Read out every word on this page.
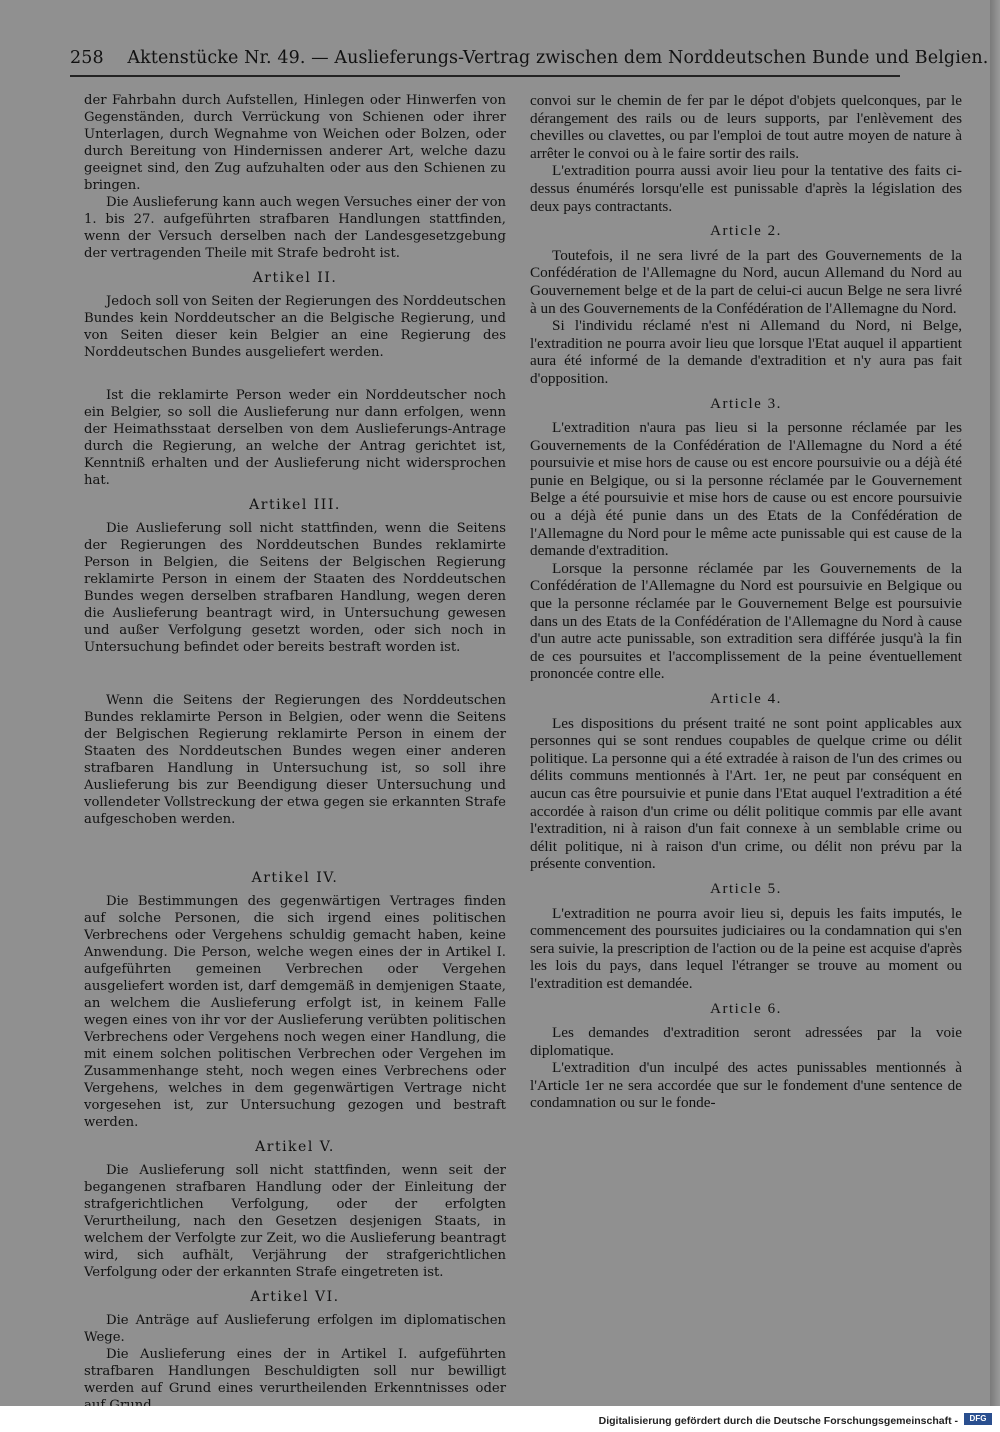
258 Aktenstücke Nr. 49. — Auslieferungs-Vertrag zwischen dem Norddeutschen Bunde und Belgien.

der Fahrbahn durch Aufstellen, Hinlegen oder Hinwerfen von Gegenständen, durch Verrückung von Schienen oder ihrer Unterlagen, durch Wegnahme von Weichen oder Bolzen, oder durch Bereitung von Hindernissen anderer Art, welche dazu geeignet sind, den Zug aufzuhalten oder aus den Schienen zu bringen.

Die Auslieferung kann auch wegen Versuches einer der von 1. bis 27. aufgeführten strafbaren Handlungen stattfinden, wenn der Versuch derselben nach der Landesgesetzgebung der vertragenden Theile mit Strafe bedroht ist.

Artikel II.

Jedoch soll von Seiten der Regierungen des Norddeutschen Bundes kein Norddeutscher an die Belgische Regierung, und von Seiten dieser kein Belgier an eine Regierung des Norddeutschen Bundes ausgeliefert werden.

Ist die reklamirte Person weder ein Norddeutscher noch ein Belgier, so soll die Auslieferung nur dann erfolgen, wenn der Heimathsstaat derselben von dem Auslieferungs-Antrage durch die Regierung, an welche der Antrag gerichtet ist, Kenntniß erhalten und der Auslieferung nicht widersprochen hat.

Artikel III.

Die Auslieferung soll nicht stattfinden, wenn die Seitens der Regierungen des Norddeutschen Bundes reklamirte Person in Belgien, die Seitens der Belgischen Regierung reklamirte Person in einem der Staaten des Norddeutschen Bundes wegen derselben strafbaren Handlung, wegen deren die Auslieferung beantragt wird, in Untersuchung gewesen und außer Verfolgung gesetzt worden, oder sich noch in Untersuchung befindet oder bereits bestraft worden ist.

Wenn die Seitens der Regierungen des Norddeutschen Bundes reklamirte Person in Belgien, oder wenn die Seitens der Belgischen Regierung reklamirte Person in einem der Staaten des Norddeutschen Bundes wegen einer anderen strafbaren Handlung in Untersuchung ist, so soll ihre Auslieferung bis zur Beendigung dieser Untersuchung und vollendeter Vollstreckung der etwa gegen sie erkannten Strafe aufgeschoben werden.

Artikel IV.

Die Bestimmungen des gegenwärtigen Vertrages finden auf solche Personen, die sich irgend eines politischen Verbrechens oder Vergehens schuldig gemacht haben, keine Anwendung. Die Person, welche wegen eines der in Artikel I. aufgeführten gemeinen Verbrechen oder Vergehen ausgeliefert worden ist, darf demgemäß in demjenigen Staate, an welchem die Auslieferung erfolgt ist, in keinem Falle wegen eines von ihr vor der Auslieferung verübten politischen Verbrechens oder Vergehens noch wegen einer Handlung, die mit einem solchen politischen Verbrechen oder Vergehen im Zusammenhange steht, noch wegen eines Verbrechens oder Vergehens, welches in dem gegenwärtigen Vertrage nicht vorgesehen ist, zur Untersuchung gezogen und bestraft werden.

Artikel V.

Die Auslieferung soll nicht stattfinden, wenn seit der begangenen strafbaren Handlung oder der Einleitung der strafgerichtlichen Verfolgung, oder der erfolgten Verurtheilung, nach den Gesetzen desjenigen Staats, in welchem der Verfolgte zur Zeit, wo die Auslieferung beantragt wird, sich aufhält, Verjährung der strafgerichtlichen Verfolgung oder der erkannten Strafe eingetreten ist.

Artikel VI.

Die Anträge auf Auslieferung erfolgen im diplomatischen Wege.

Die Auslieferung eines der in Artikel I. aufgeführten strafbaren Handlungen Beschuldigten soll nur bewilligt werden auf Grund eines verurtheilenden Erkenntnisses oder

convoi sur le chemin de fer par le dépot d'objets quelconques, par le dérangement des rails ou de leurs supports, par l'enlèvement des chevilles ou clavettes, ou par l'emploi de tout autre moyen de nature à arrêter le convoi ou à le faire sortir des rails.

L'extradition pourra aussi avoir lieu pour la tentative des faits ci-dessus énumérés lorsqu'elle est punissable d'après la législation des deux pays contractants.

Article 2.

Toutefois, il ne sera livré de la part des Gouvernements de la Confédération de l'Allemagne du Nord, aucun Allemand du Nord au Gouvernement belge et de la part de celui-ci aucun Belge ne sera livré à un des Gouvernements de la Confédération de l'Allemagne du Nord.

Si l'individu réclamé n'est ni Allemand du Nord, ni Belge, l'extradition ne pourra avoir lieu que lorsque l'Etat auquel il appartient aura été informé de la demande d'extradition et n'y aura pas fait d'opposition.

Article 3.

L'extradition n'aura pas lieu si la personne réclamée par les Gouvernements de la Confédération de l'Allemagne du Nord a été poursuivie et mise hors de cause ou est encore poursuivie ou a déjà été punie en Belgique, ou si la personne réclamée par le Gouvernement Belge a été poursuivie et mise hors de cause ou est encore poursuivie ou a déjà été punie dans un des Etats de la Confédération de l'Allemagne du Nord pour le même acte punissable qui est cause de la demande d'extradition.

Lorsque la personne réclamée par les Gouvernements de la Confédération de l'Allemagne du Nord est poursuivie en Belgique ou que la personne réclamée par le Gouvernement Belge est poursuivie dans un des Etats de la Confédération de l'Allemagne du Nord à cause d'un autre acte punissable, son extradition sera différée jusqu'à la fin de ces poursuites et l'accomplissement de la peine éventuellement prononcée contre elle.

Article 4.

Les dispositions du présent traité ne sont point applicables aux personnes qui se sont rendues coupables de quelque crime ou délit politique. La personne qui a été extradée à raison de l'un des crimes ou délits communs mentionnés à l'Art. 1er, ne peut par conséquent en aucun cas être poursuivie et punie dans l'Etat auquel l'extradition a été accordée à raison d'un crime ou délit politique commis par elle avant l'extradition, ni à raison d'un fait connexe à un semblable crime ou délit politique, ni à raison d'un crime, ou délit non prévu par la présente convention.

Article 5.

L'extradition ne pourra avoir lieu si, depuis les faits imputés, le commencement des poursuites judiciaires ou la condamnation qui s'en sera suivie, la prescription de l'action ou de la peine est acquise d'après les lois du pays, dans lequel l'étranger se trouve au moment ou l'extradition est demandée.

Article 6.

Les demandes d'extradition seront adressées par la voie diplomatique.

L'extradition d'un inculpé des actes punissables mentionnés à l'Article 1er ne sera accordée que sur le fondement d'une sentence de condamnation ou sur le fonde-

Digitalisierung gefördert durch die Deutsche Forschungsgemeinschaft -	DFG
